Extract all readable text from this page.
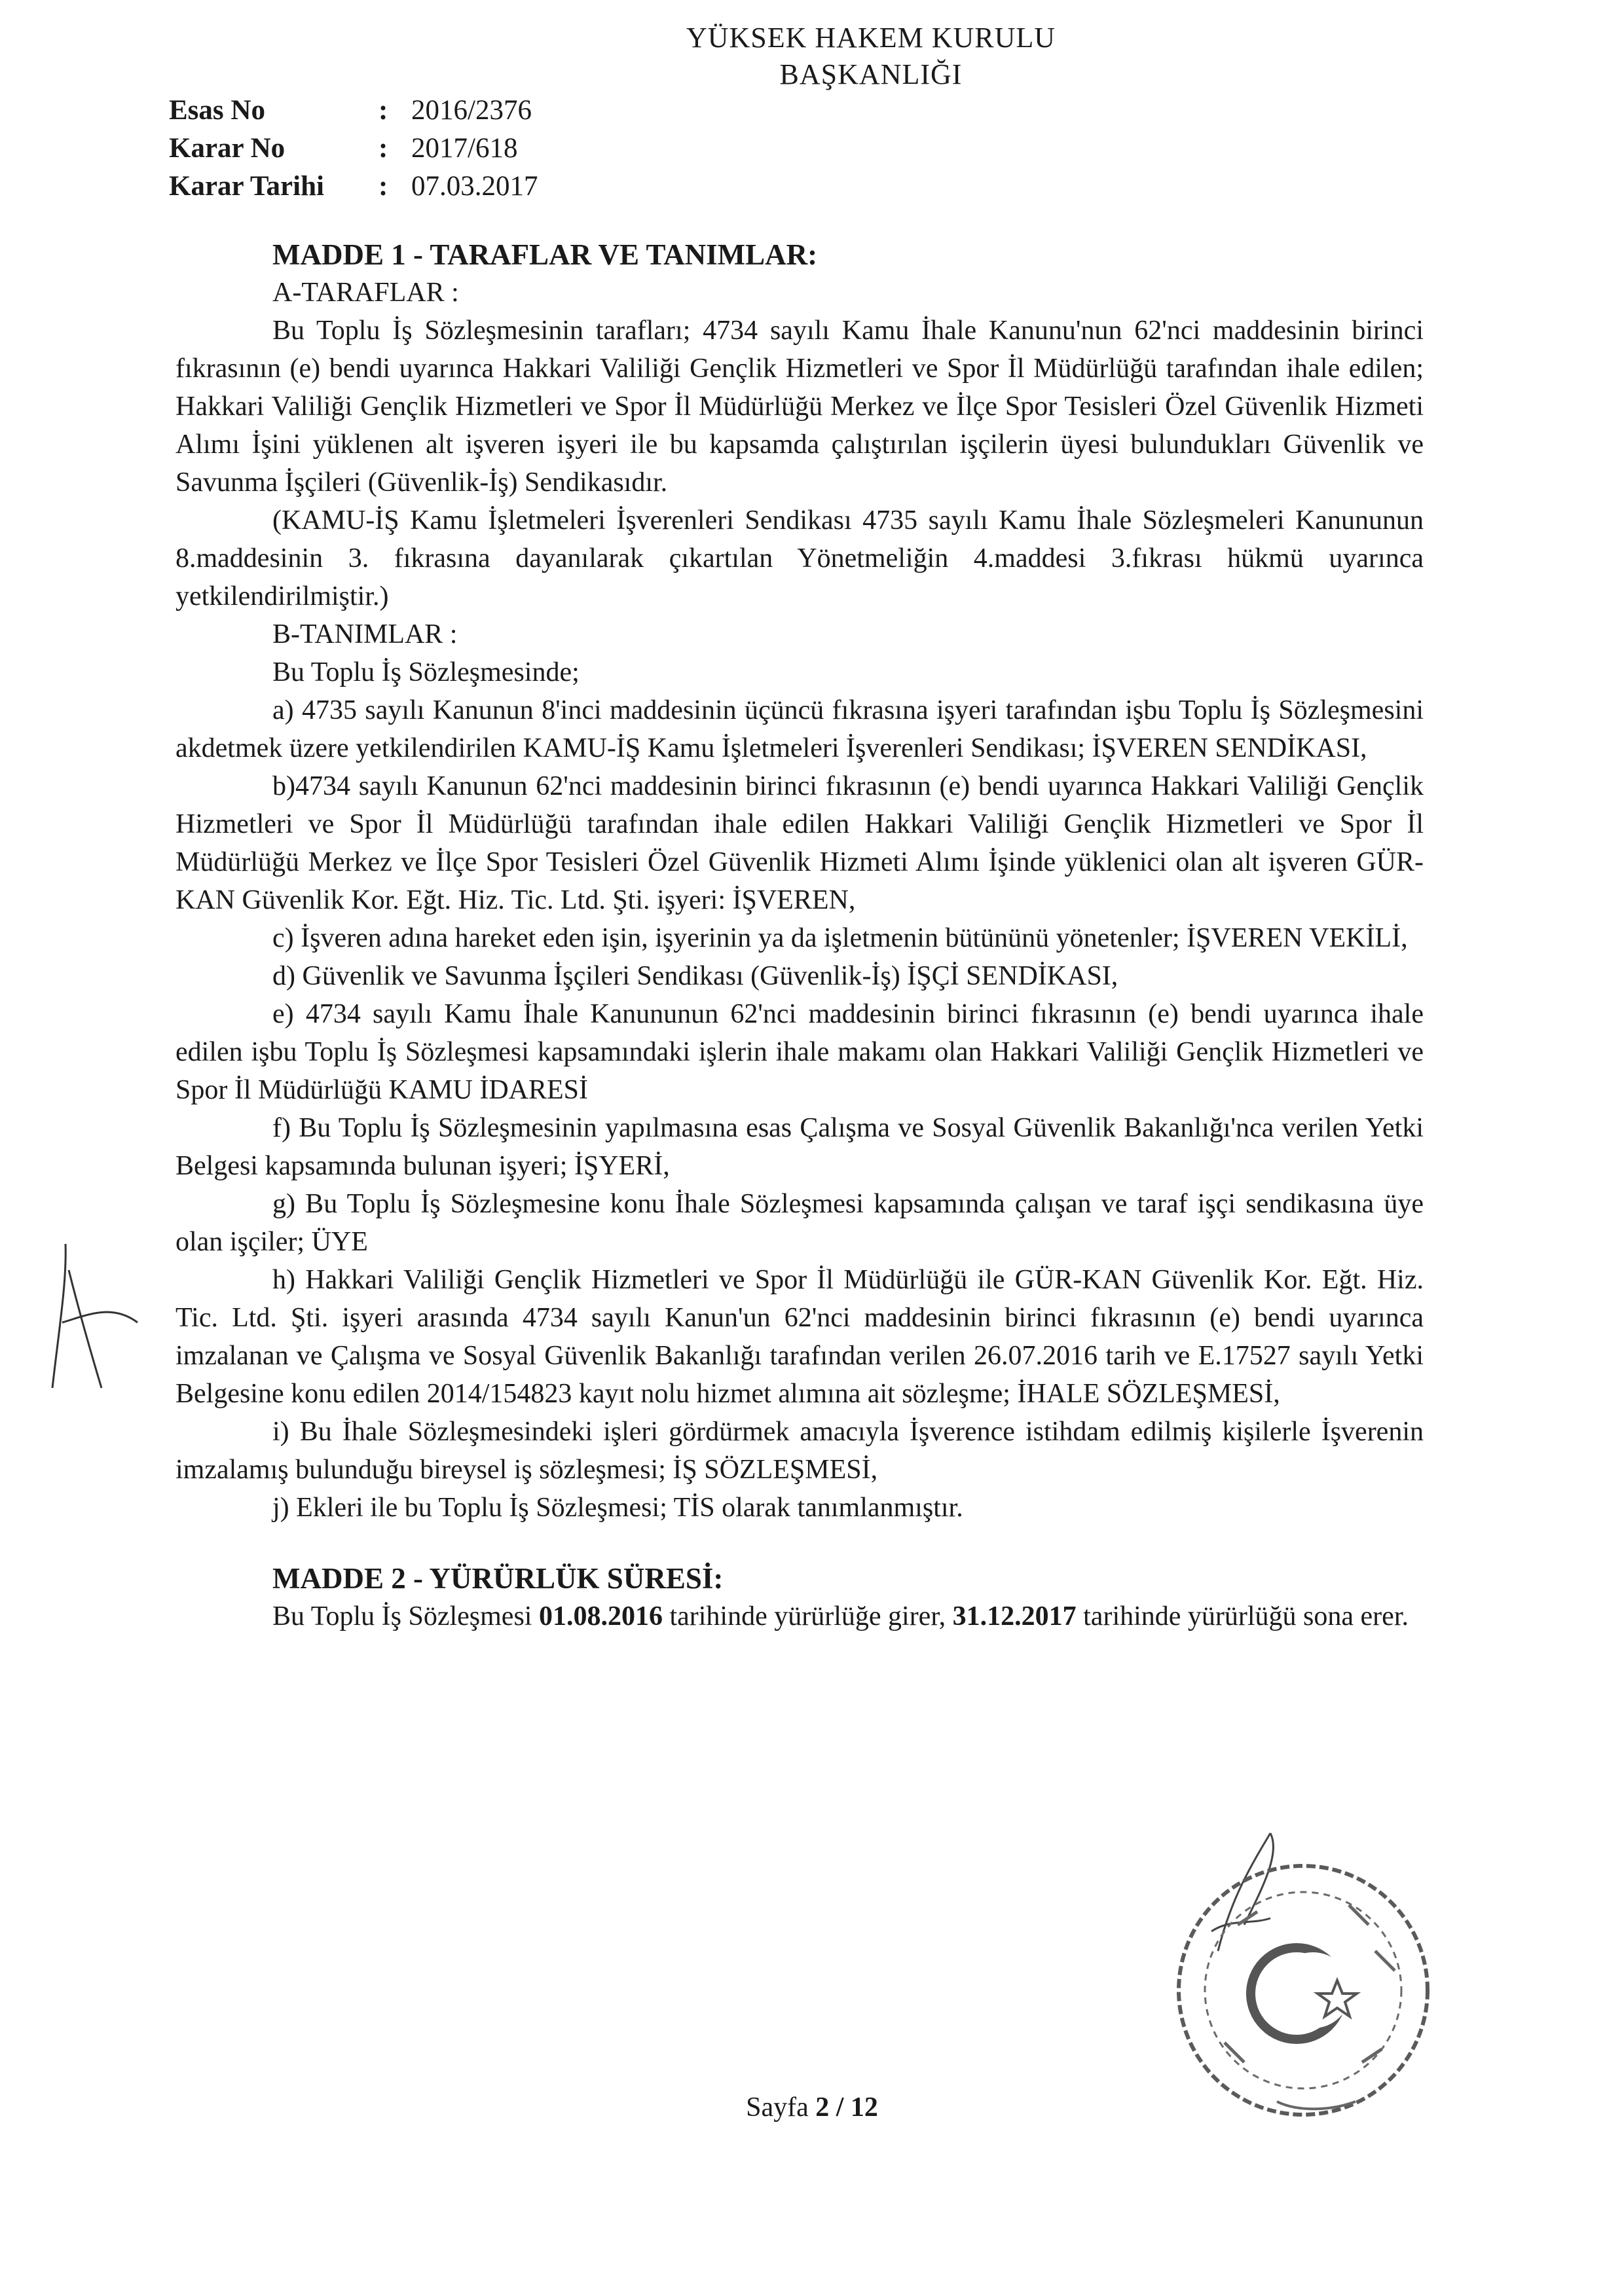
YÜKSEK HAKEM KURULU
BAŞKANLIĞI
Esas No	: 2016/2376
Karar No	: 2017/618
Karar Tarihi	: 07.03.2017
MADDE 1 - TARAFLAR VE TANIMLAR:
A-TARAFLAR :
Bu Toplu İş Sözleşmesinin tarafları; 4734 sayılı Kamu İhale Kanunu'nun 62'nci maddesinin birinci fıkrasının (e) bendi uyarınca Hakkari Valiliği Gençlik Hizmetleri ve Spor İl Müdürlüğü tarafından ihale edilen; Hakkari Valiliği Gençlik Hizmetleri ve Spor İl Müdürlüğü Merkez ve İlçe Spor Tesisleri Özel Güvenlik Hizmeti Alımı İşini yüklenen alt işveren işyeri ile bu kapsamda çalıştırılan işçilerin üyesi bulundukları Güvenlik ve Savunma İşçileri (Güvenlik-İş) Sendikasıdır.
(KAMU-İŞ Kamu İşletmeleri İşverenleri Sendikası 4735 sayılı Kamu İhale Sözleşmeleri Kanununun 8.maddesinin 3. fıkrasına dayanılarak çıkartılan Yönetmeliğin 4.maddesi 3.fıkrası hükmü uyarınca yetkilendirilmiştir.)
B-TANIMLAR :
Bu Toplu İş Sözleşmesinde;
a) 4735 sayılı Kanunun 8'inci maddesinin üçüncü fıkrasına işyeri tarafından işbu Toplu İş Sözleşmesini akdetmek üzere yetkilendirilen KAMU-İŞ Kamu İşletmeleri İşverenleri Sendikası; İŞVEREN SENDİKASI,
b)4734 sayılı Kanunun 62'nci maddesinin birinci fıkrasının (e) bendi uyarınca Hakkari Valiliği Gençlik Hizmetleri ve Spor İl Müdürlüğü tarafından ihale edilen Hakkari Valiliği Gençlik Hizmetleri ve Spor İl Müdürlüğü Merkez ve İlçe Spor Tesisleri Özel Güvenlik Hizmeti Alımı İşinde yüklenici olan alt işveren GÜR-KAN Güvenlik Kor. Eğt. Hiz. Tic. Ltd. Şti. işyeri: İŞVEREN,
c) İşveren adına hareket eden işin, işyerinin ya da işletmenin bütününü yönetenler; İŞVEREN VEKİLİ,
d) Güvenlik ve Savunma İşçileri Sendikası (Güvenlik-İş) İŞÇİ SENDİKASI,
e) 4734 sayılı Kamu İhale Kanununun 62'nci maddesinin birinci fıkrasının (e) bendi uyarınca ihale edilen işbu Toplu İş Sözleşmesi kapsamındaki işlerin ihale makamı olan Hakkari Valiliği Gençlik Hizmetleri ve Spor İl Müdürlüğü KAMU İDARESİ
f) Bu Toplu İş Sözleşmesinin yapılmasına esas Çalışma ve Sosyal Güvenlik Bakanlığı'nca verilen Yetki Belgesi kapsamında bulunan işyeri; İŞYERİ,
g) Bu Toplu İş Sözleşmesine konu İhale Sözleşmesi kapsamında çalışan ve taraf işçi sendikasına üye olan işçiler; ÜYE
h) Hakkari Valiliği Gençlik Hizmetleri ve Spor İl Müdürlüğü ile GÜR-KAN Güvenlik Kor. Eğt. Hiz. Tic. Ltd. Şti. işyeri arasında 4734 sayılı Kanun'un 62'nci maddesinin birinci fıkrasının (e) bendi uyarınca imzalanan ve Çalışma ve Sosyal Güvenlik Bakanlığı tarafından verilen 26.07.2016 tarih ve E.17527 sayılı Yetki Belgesine konu edilen 2014/154823 kayıt nolu hizmet alımına ait sözleşme; İHALE SÖZLEŞMESİ,
i) Bu İhale Sözleşmesindeki işleri gördürmek amacıyla İşverence istihdam edilmiş kişilerle İşverenin imzalamış bulunduğu bireysel iş sözleşmesi; İŞ SÖZLEŞMESİ,
j) Ekleri ile bu Toplu İş Sözleşmesi; TİS olarak tanımlanmıştır.
MADDE 2 - YÜRÜRLÜK SÜRESİ:
Bu Toplu İş Sözleşmesi 01.08.2016 tarihinde yürürlüğe girer, 31.12.2017 tarihinde yürürlüğü sona erer.
Sayfa 2 / 12
